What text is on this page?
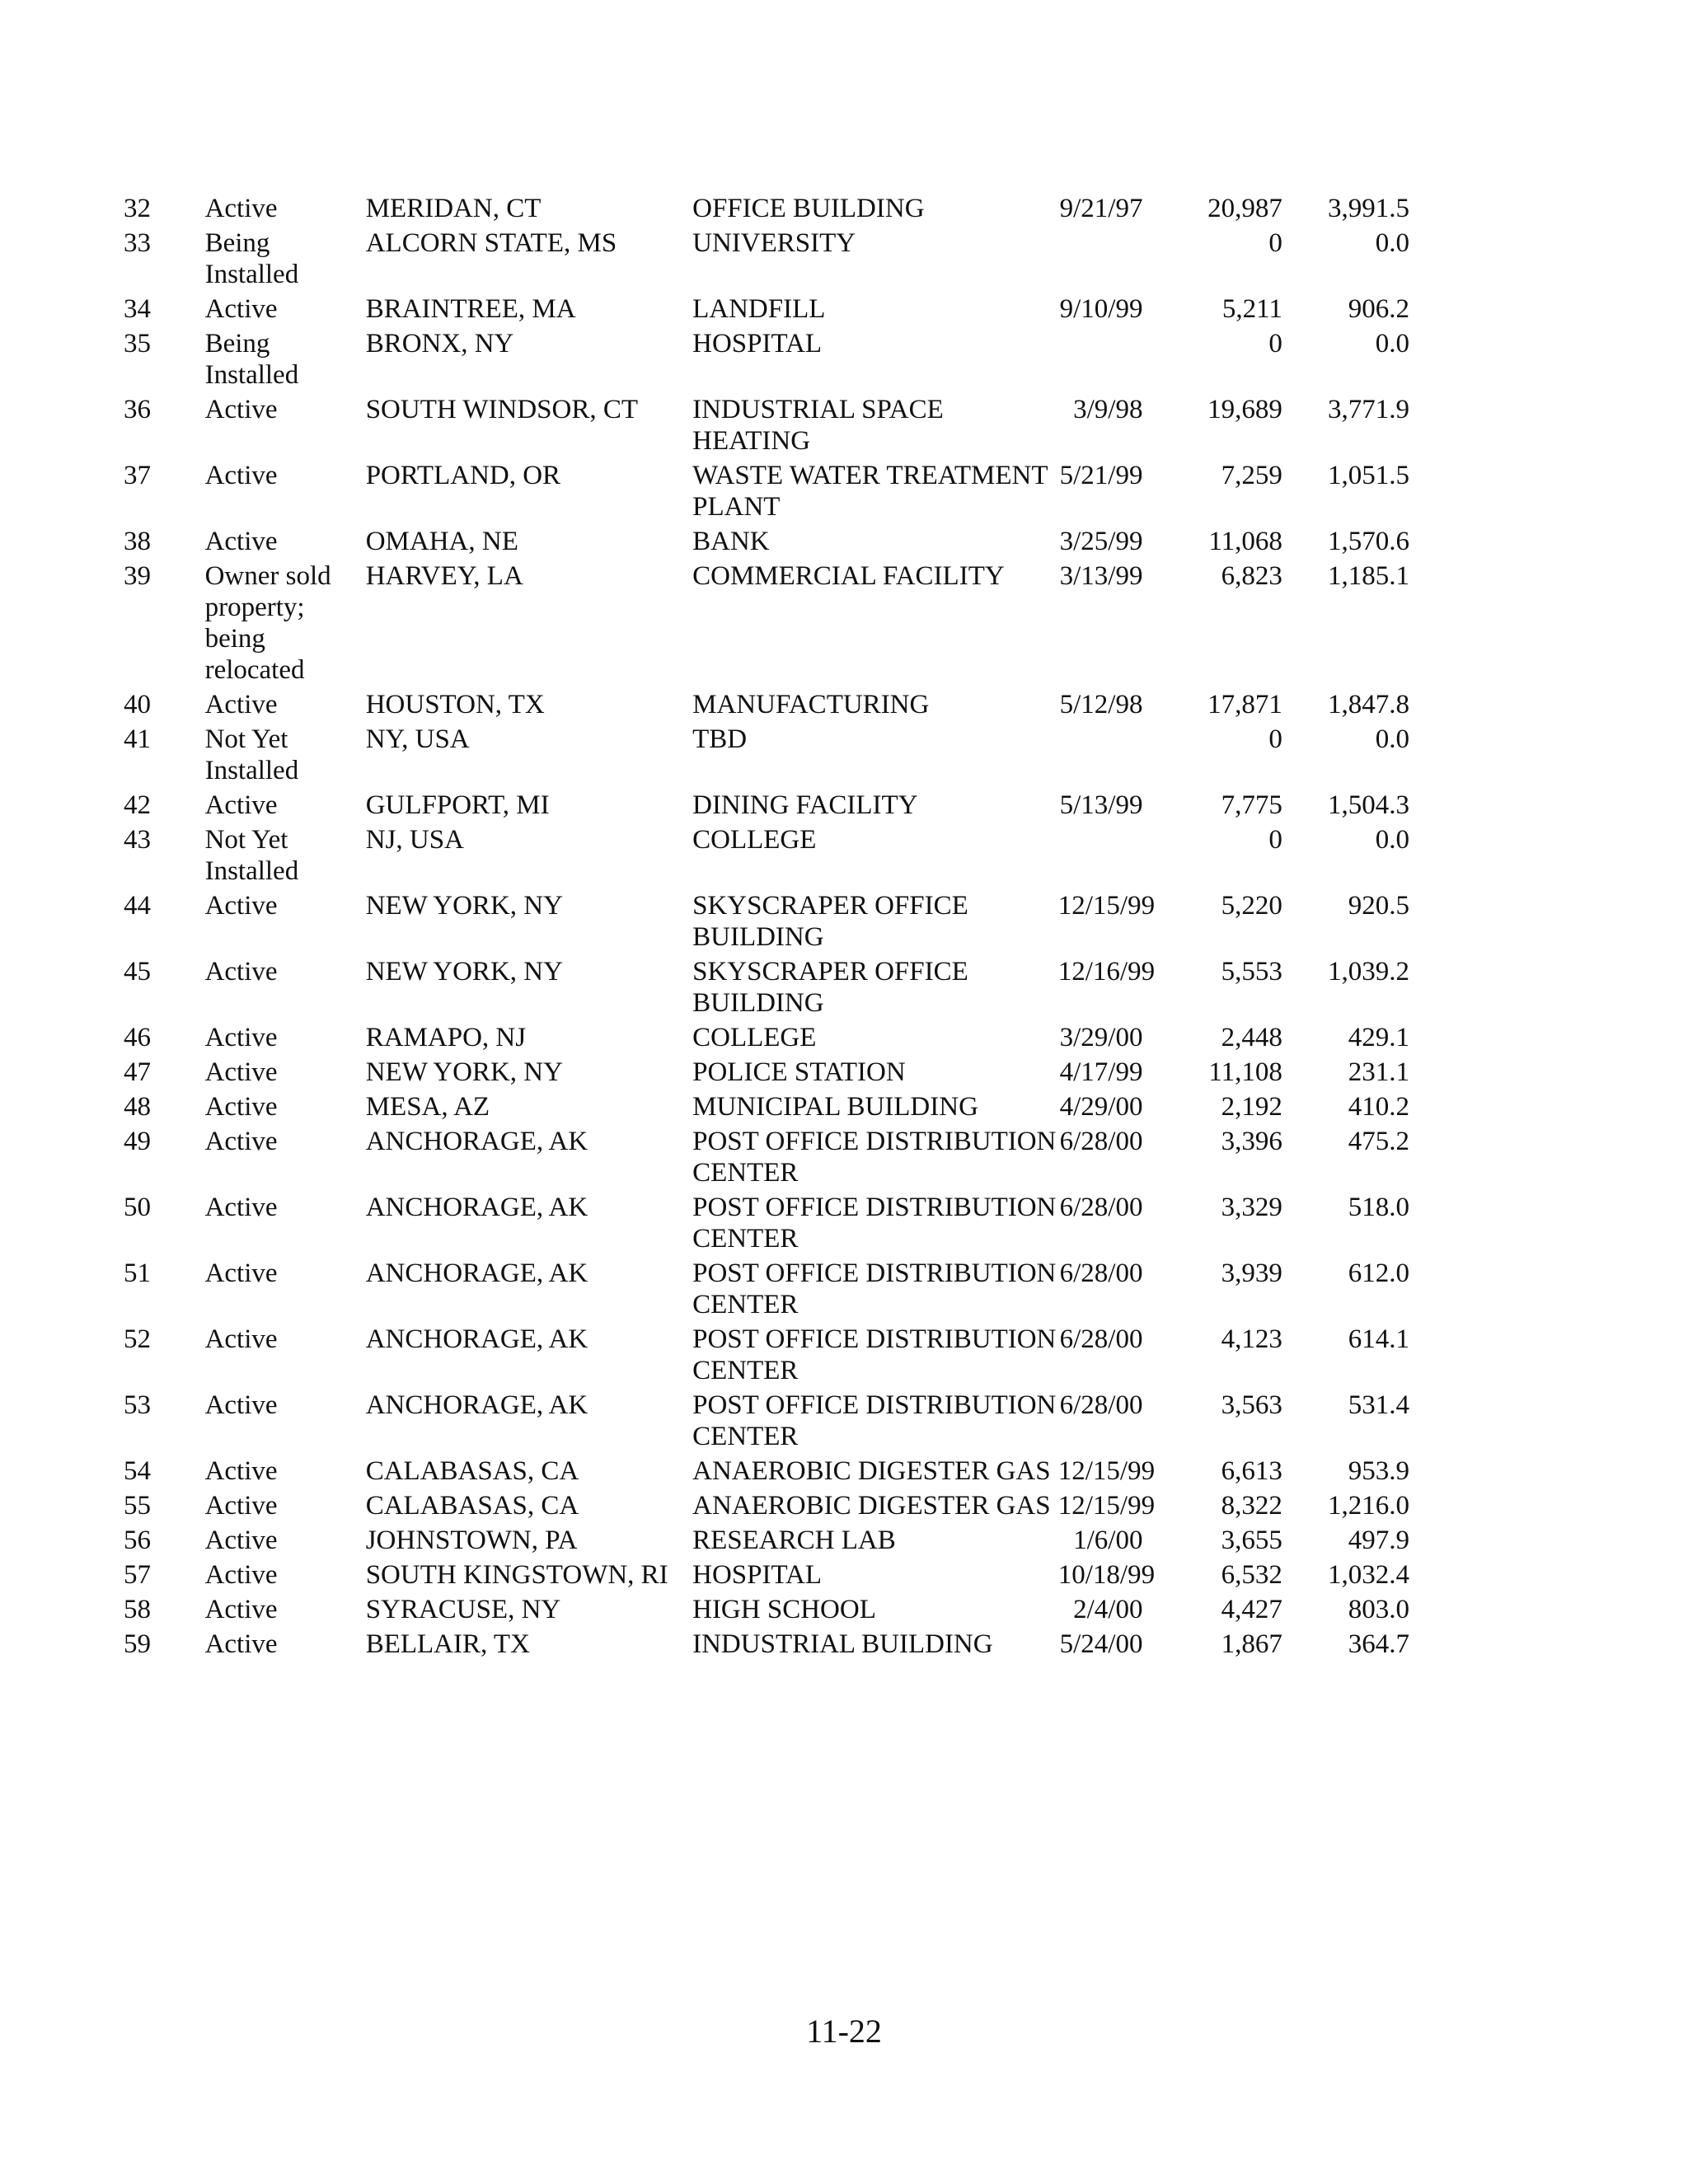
32	Active	MERIDAN, CT	OFFICE BUILDING	9/21/97	20,987	3,991.5
33	Being Installed	ALCORN STATE, MS	UNIVERSITY		0	0.0
34	Active	BRAINTREE, MA	LANDFILL	9/10/99	5,211	906.2
35	Being Installed	BRONX, NY	HOSPITAL		0	0.0
36	Active	SOUTH WINDSOR, CT	INDUSTRIAL SPACE HEATING	3/9/98	19,689	3,771.9
37	Active	PORTLAND, OR	WASTE WATER TREATMENT PLANT	5/21/99	7,259	1,051.5
38	Active	OMAHA, NE	BANK	3/25/99	11,068	1,570.6
39	Owner sold property; being relocated	HARVEY, LA	COMMERCIAL FACILITY	3/13/99	6,823	1,185.1
40	Active	HOUSTON, TX	MANUFACTURING	5/12/98	17,871	1,847.8
41	Not Yet Installed	NY, USA	TBD		0	0.0
42	Active	GULFPORT, MI	DINING FACILITY	5/13/99	7,775	1,504.3
43	Not Yet Installed	NJ, USA	COLLEGE		0	0.0
44	Active	NEW YORK, NY	SKYSCRAPER OFFICE BUILDING	12/15/99	5,220	920.5
45	Active	NEW YORK, NY	SKYSCRAPER OFFICE BUILDING	12/16/99	5,553	1,039.2
46	Active	RAMAPO, NJ	COLLEGE	3/29/00	2,448	429.1
47	Active	NEW YORK, NY	POLICE STATION	4/17/99	11,108	231.1
48	Active	MESA, AZ	MUNICIPAL BUILDING	4/29/00	2,192	410.2
49	Active	ANCHORAGE, AK	POST OFFICE DISTRIBUTION CENTER	6/28/00	3,396	475.2
50	Active	ANCHORAGE, AK	POST OFFICE DISTRIBUTION CENTER	6/28/00	3,329	518.0
51	Active	ANCHORAGE, AK	POST OFFICE DISTRIBUTION CENTER	6/28/00	3,939	612.0
52	Active	ANCHORAGE, AK	POST OFFICE DISTRIBUTION CENTER	6/28/00	4,123	614.1
53	Active	ANCHORAGE, AK	POST OFFICE DISTRIBUTION CENTER	6/28/00	3,563	531.4
54	Active	CALABASAS, CA	ANAEROBIC DIGESTER GAS	12/15/99	6,613	953.9
55	Active	CALABASAS, CA	ANAEROBIC DIGESTER GAS	12/15/99	8,322	1,216.0
56	Active	JOHNSTOWN, PA	RESEARCH LAB	1/6/00	3,655	497.9
57	Active	SOUTH KINGSTOWN, RI	HOSPITAL	10/18/99	6,532	1,032.4
58	Active	SYRACUSE, NY	HIGH SCHOOL	2/4/00	4,427	803.0
59	Active	BELLAIR, TX	INDUSTRIAL BUILDING	5/24/00	1,867	364.7
11-22
